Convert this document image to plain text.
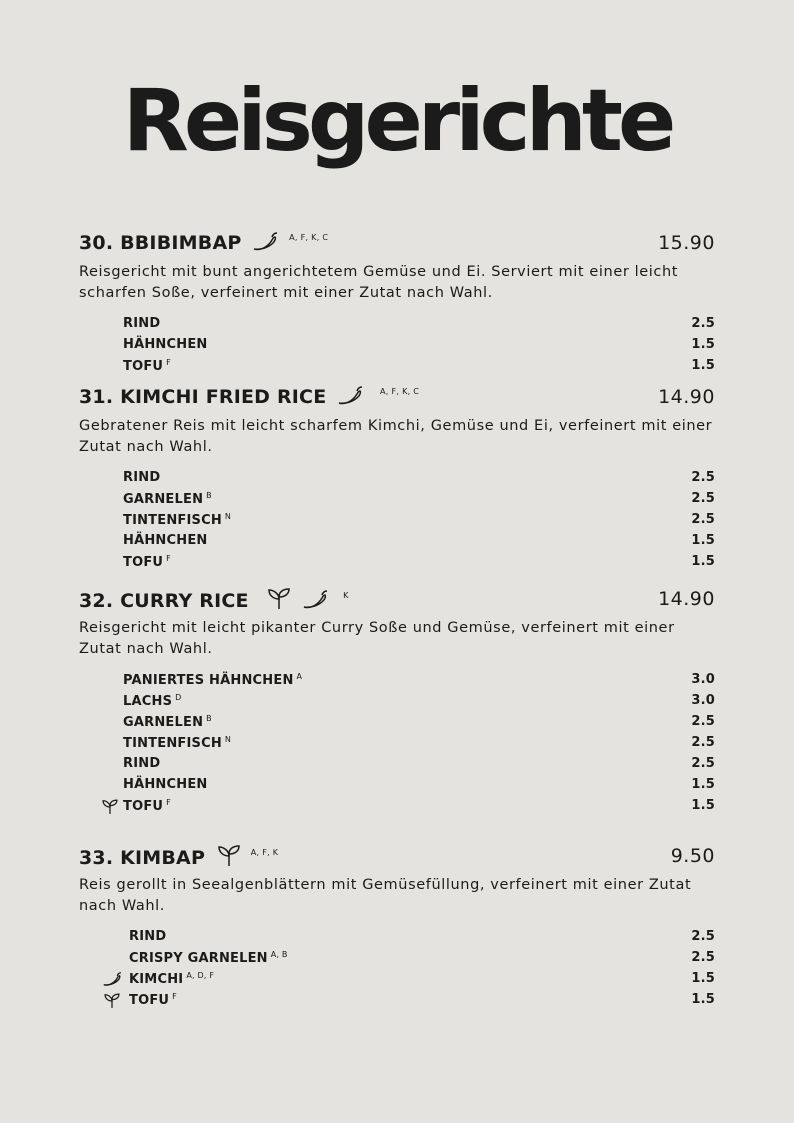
Reisgerichte
30. BBIBIMBAP	$^{A, F, K, C}$	15.90
Reisgericht mit bunt angerichtetem Gemüse und Ei. Serviert mit einer leicht scharfen Soße, verfeinert mit einer Zutat nach Wahl.
RIND	2.5
HÄHNCHEN	1.5
TOFU $^F$	1.5
31. KIMCHI FRIED RICE	$^{A, F, K, C}$	14.90
Gebratener Reis mit leicht scharfem Kimchi, Gemüse und Ei, verfeinert mit einer Zutat nach Wahl.
RIND	2.5
GARNELEN $^B$	2.5
TINTENFISCH $^N$	2.5
HÄHNCHEN	1.5
TOFU $^F$	1.5
32. CURRY RICE
	$^K$	14.90
Reisgericht mit leicht pikanter Curry Soße und Gemüse, verfeinert mit einer Zutat nach Wahl.
PANIERTES HÄHNCHEN $^A$	3.0
LACHS $^D$	3.0
GARNELEN $^B$	2.5
TINTENFISCH $^N$	2.5
RIND	2.5
HÄHNCHEN	1.5
TOFU $^F$	1.5
33. KIMBAP	$^{A, F, K}$	9.50
Reis gerollt in Seealgenblättern mit Gemüsefüllung, verfeinert mit einer Zutat nach Wahl.
RIND	2.5
CRISPY GARNELEN $^{A, B}$	2.5
KIMCHI $^{A, D, F}$	1.5
TOFU $^F$	1.5
